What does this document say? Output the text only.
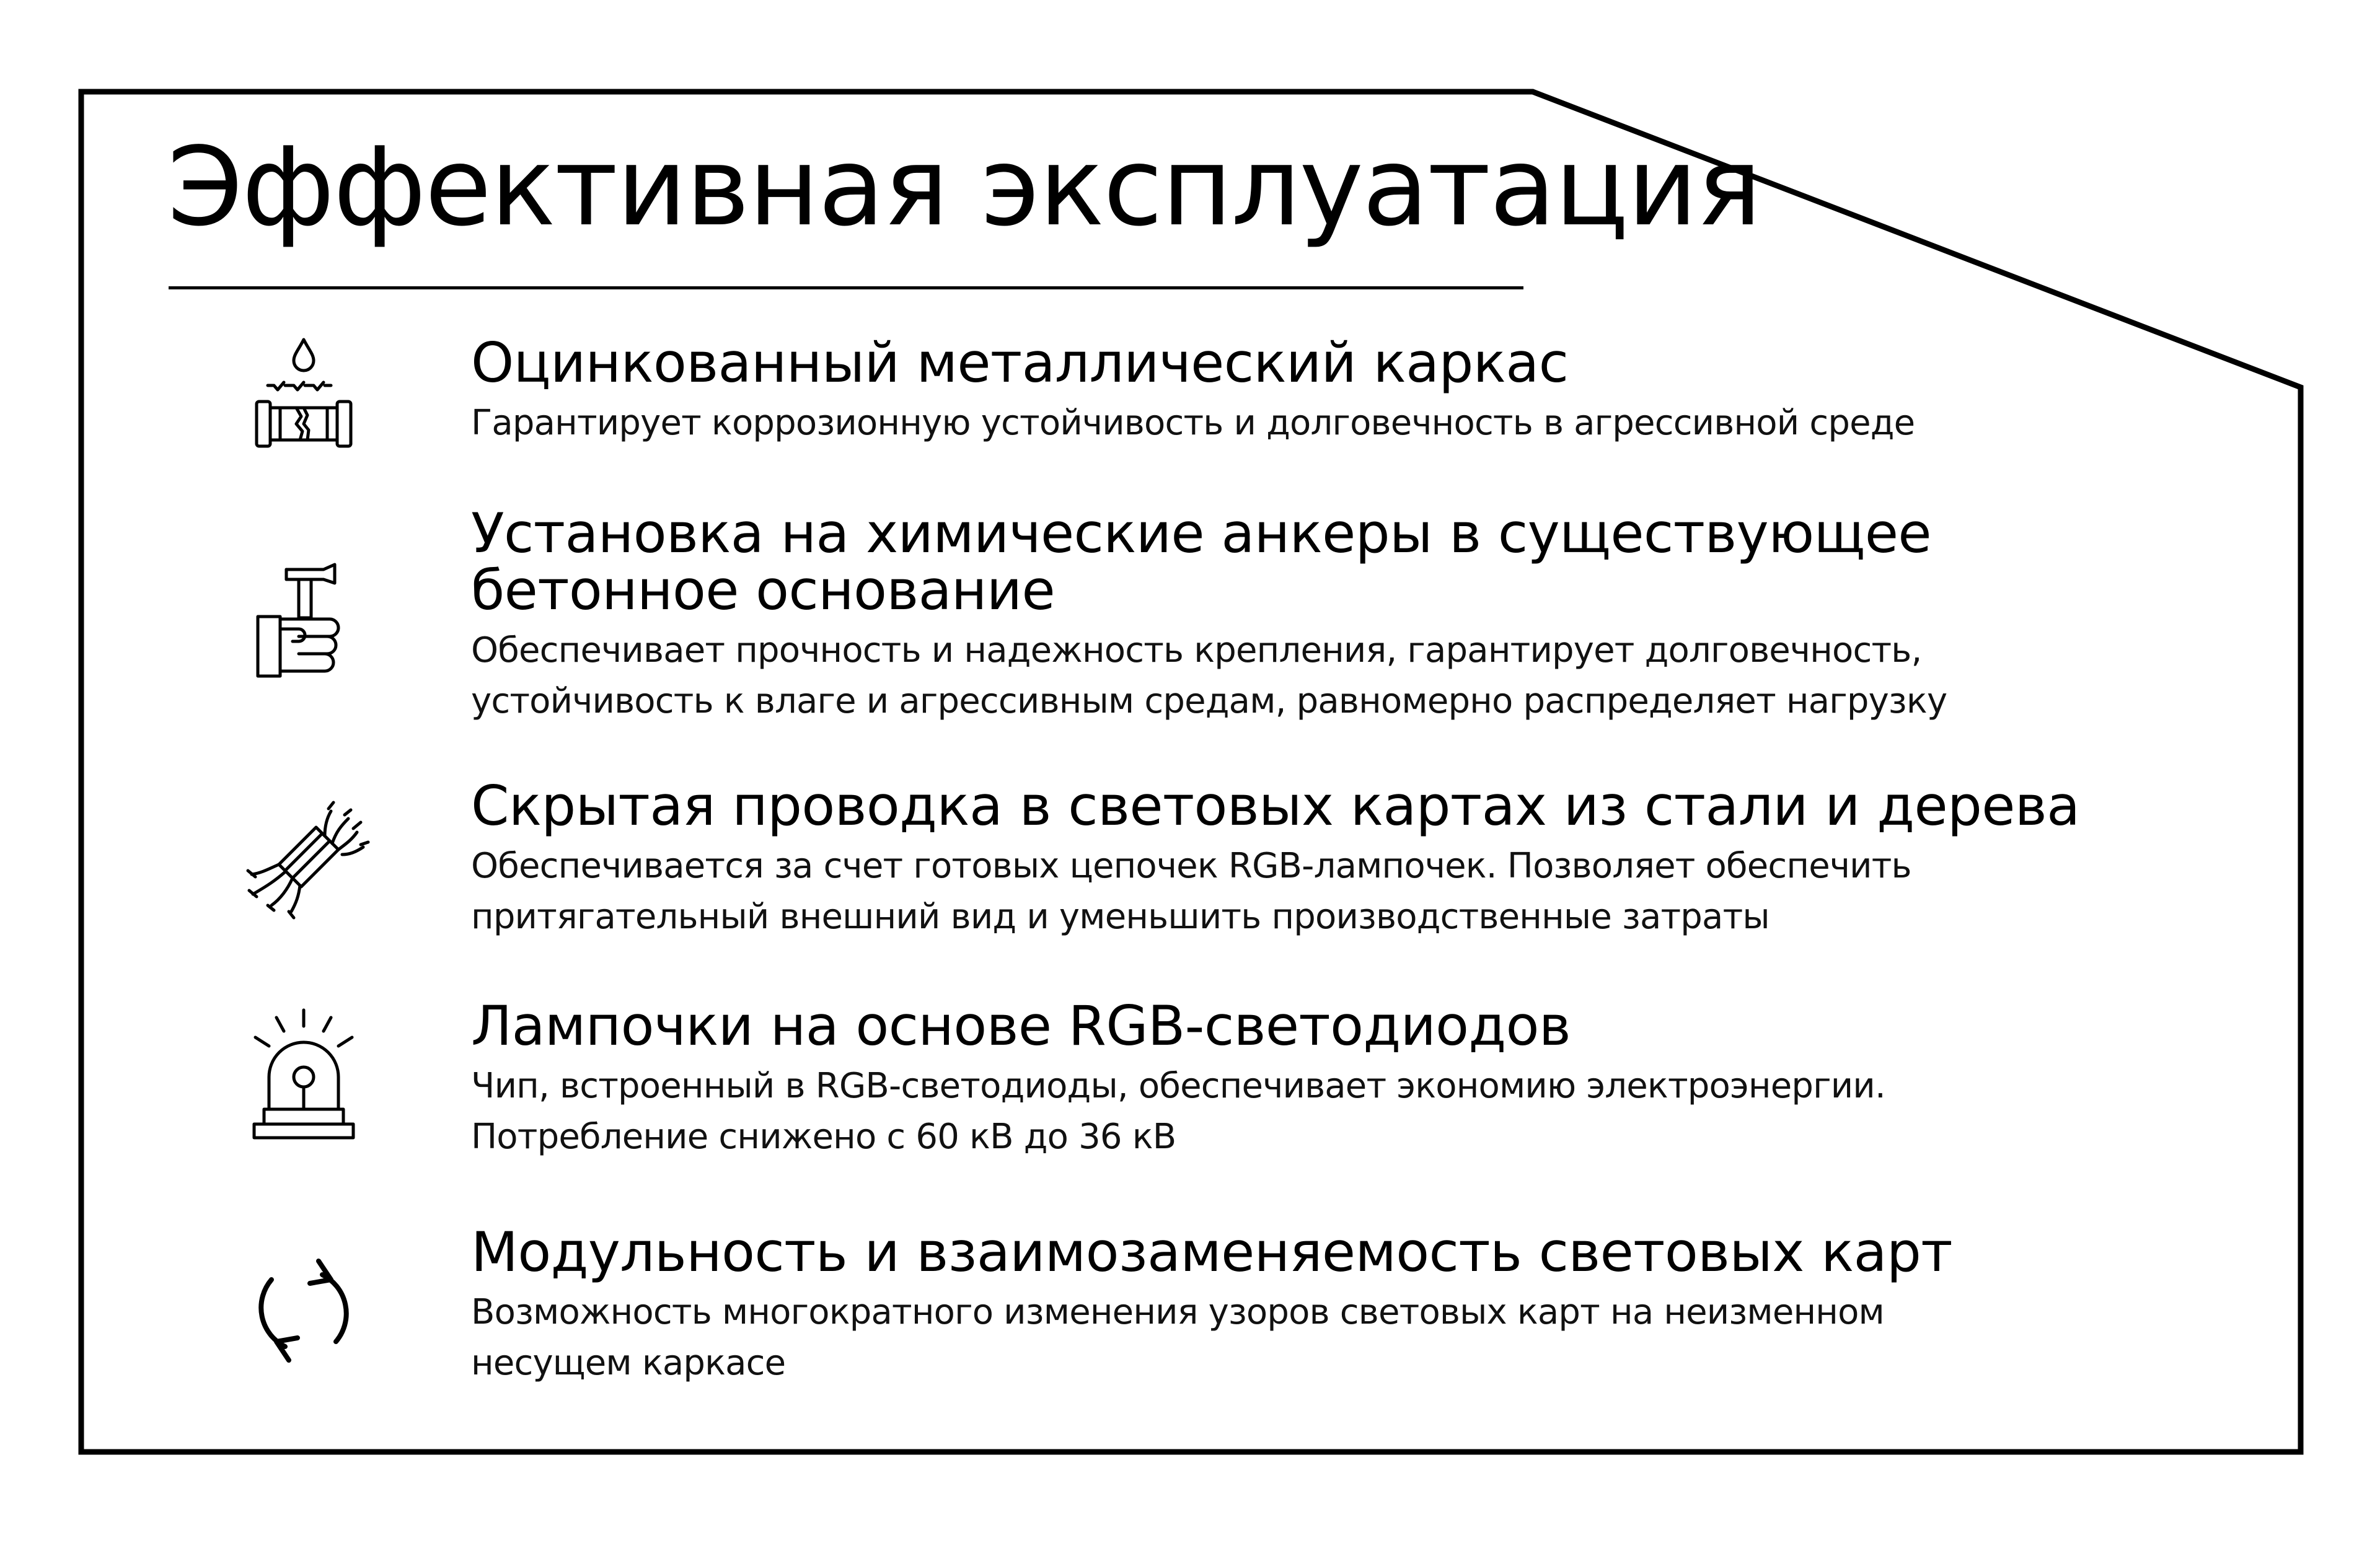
Эффективная эксплуатация
Оцинкованный металлический каркас

Гарантирует коррозионную устойчивость и долговечность в агрессивной среде

Установка на химические анкеры в существующее
бетонное основание

Обеспечивает прочность и надежность крепления, гарантирует долговечность,
устойчивость к влаге и агрессивным средам, равномерно распределяет нагрузку

Скрытая проводка в световых картах из стали и дерева

Обеспечивается за счет готовых цепочек RGB-лампочек. Позволяет обеспечить
притягательный внешний вид и уменьшить производственные затраты

Лампочки на основе RGB-светодиодов

Чип, встроенный в RGB-светодиоды, обеспечивает экономию электроэнергии.
Потребление снижено с 60 кВ до 36 кВ

Модульность и взаимозаменяемость световых карт

Возможность многократного изменения узоров световых карт на неизменном
несущем каркасе
